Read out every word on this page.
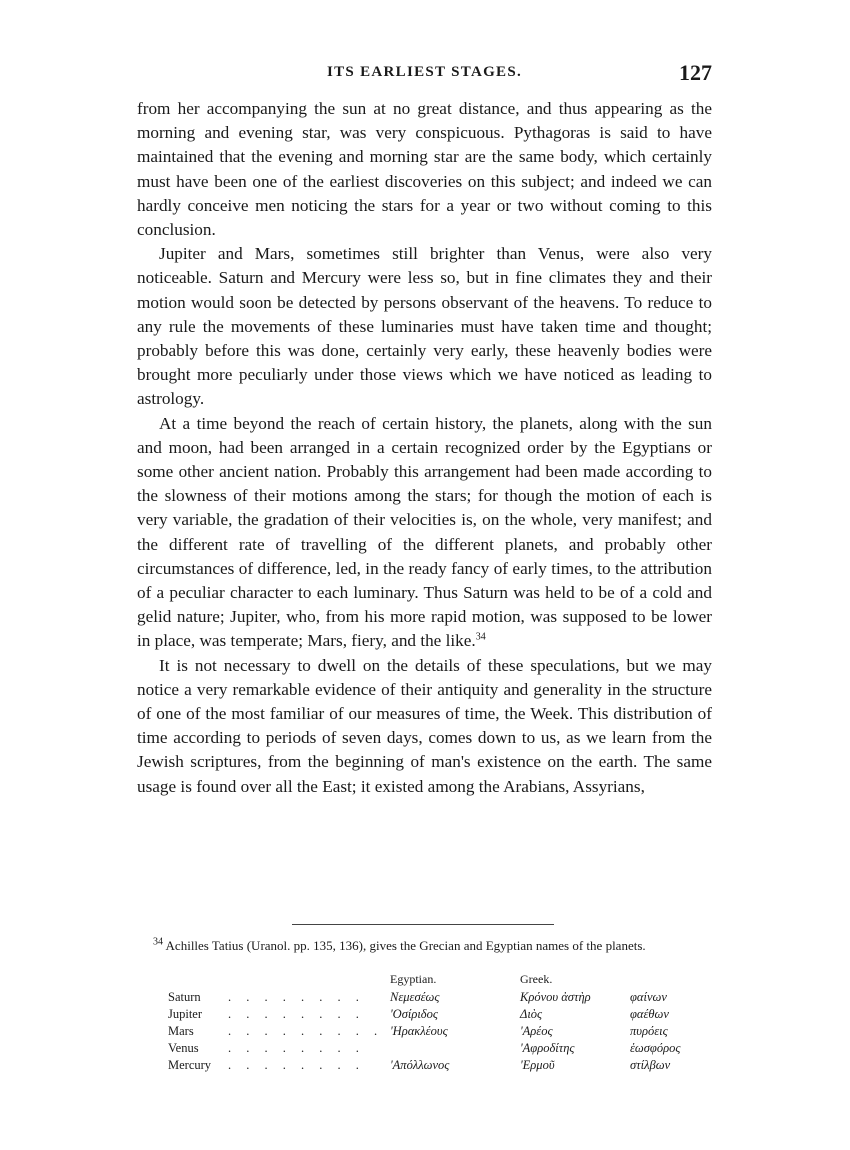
ITS EARLIEST STAGES.	127

from her accompanying the sun at no great distance, and thus appearing as the morning and evening star, was very conspicuous. Pythagoras is said to have maintained that the evening and morning star are the same body, which certainly must have been one of the earliest discoveries on this subject; and indeed we can hardly conceive men noticing the stars for a year or two without coming to this conclusion.

Jupiter and Mars, sometimes still brighter than Venus, were also very noticeable. Saturn and Mercury were less so, but in fine climates they and their motion would soon be detected by persons observant of the heavens. To reduce to any rule the movements of these luminaries must have taken time and thought; probably before this was done, certainly very early, these heavenly bodies were brought more peculiarly under those views which we have noticed as leading to astrology.

At a time beyond the reach of certain history, the planets, along with the sun and moon, had been arranged in a certain recognized order by the Egyptians or some other ancient nation. Probably this arrangement had been made according to the slowness of their motions among the stars; for though the motion of each is very variable, the gradation of their velocities is, on the whole, very manifest; and the different rate of travelling of the different planets, and probably other circumstances of difference, led, in the ready fancy of early times, to the attribution of a peculiar character to each luminary. Thus Saturn was held to be of a cold and gelid nature; Jupiter, who, from his more rapid motion, was supposed to be lower in place, was temperate; Mars, fiery, and the like.$^{34}$

It is not necessary to dwell on the details of these speculations, but we may notice a very remarkable evidence of their antiquity and generality in the structure of one of the most familiar of our measures of time, the Week. This distribution of time according to periods of seven days, comes down to us, as we learn from the Jewish scriptures, from the beginning of man's existence on the earth. The same usage is found over all the East; it existed among the Arabians, Assyrians,

$^{34}$ Achilles Tatius (Uranol. pp. 135, 136), gives the Grecian and Egyptian names of the planets.

	Egyptian.	Greek.	
Saturn . . . . . . . .	Νεμεσέως	Κρόνου ἀστὴρ	φαίνων
Jupiter . . . . . . . .	'Οσίριδος	Διὸς	φαέθων
Mars . . . . . . . . .	'Ηρακλέους	'Αρέος	πυρόεις
Venus . . . . . . . .		'Αφροδίτης	ἑωσφόρος
Mercury . . . . . . . .	'Απόλλωνος	'Ερμοῦ	στίλβων
